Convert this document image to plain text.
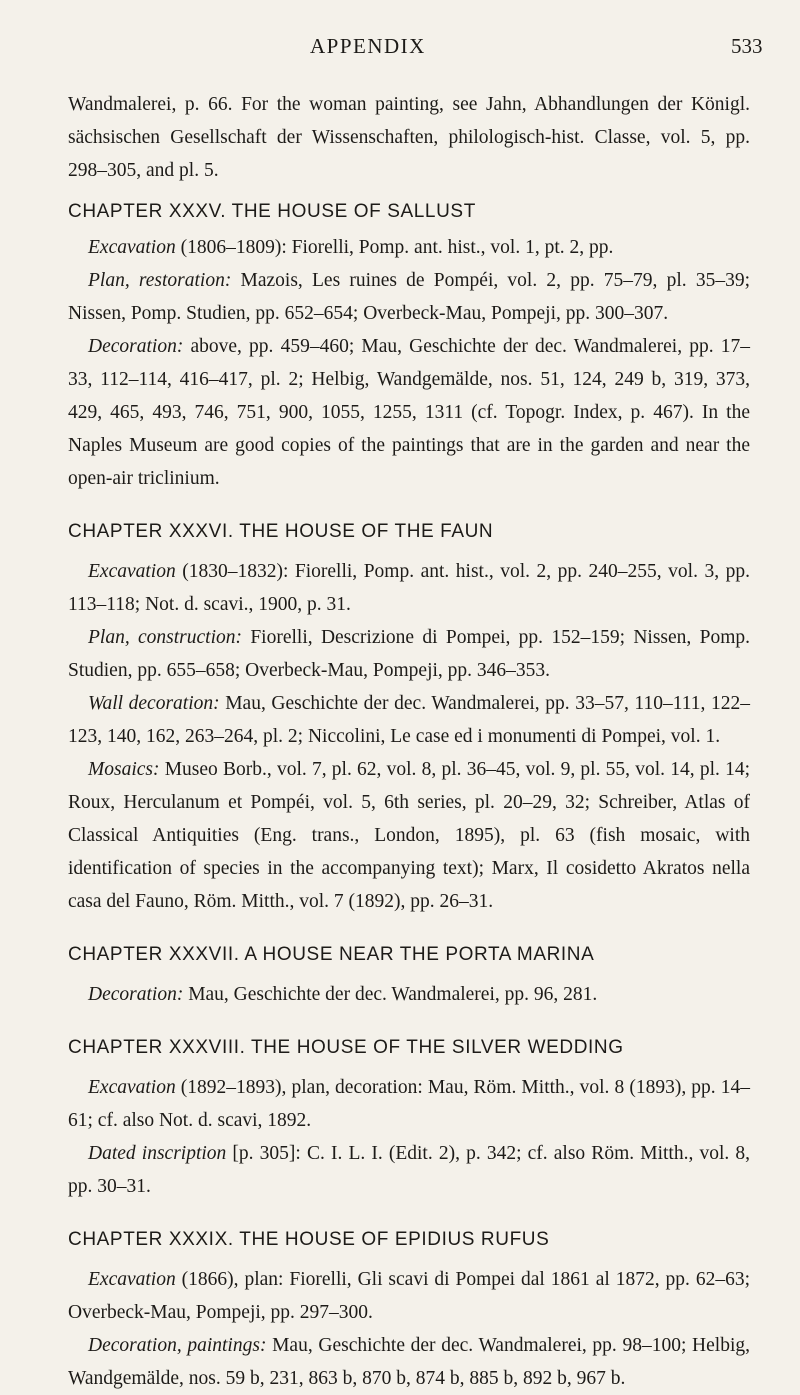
APPENDIX	533

Wandmalerei, p. 66. For the woman painting, see Jahn, Abhandlungen der Königl. sächsischen Gesellschaft der Wissenschaften, philologisch-hist. Classe, vol. 5, pp. 298–305, and pl. 5.

CHAPTER XXXV. THE HOUSE OF SALLUST

Excavation (1806–1809): Fiorelli, Pomp. ant. hist., vol. 1, pt. 2, pp.

Plan, restoration: Mazois, Les ruines de Pompéi, vol. 2, pp. 75–79, pl. 35–39; Nissen, Pomp. Studien, pp. 652–654; Overbeck-Mau, Pompeji, pp. 300–307.

Decoration: above, pp. 459–460; Mau, Geschichte der dec. Wandmalerei, pp. 17–33, 112–114, 416–417, pl. 2; Helbig, Wandgemälde, nos. 51, 124, 249 b, 319, 373, 429, 465, 493, 746, 751, 900, 1055, 1255, 1311 (cf. Topogr. Index, p. 467). In the Naples Museum are good copies of the paintings that are in the garden and near the open-air triclinium.

CHAPTER XXXVI. THE HOUSE OF THE FAUN

Excavation (1830–1832): Fiorelli, Pomp. ant. hist., vol. 2, pp. 240–255, vol. 3, pp. 113–118; Not. d. scavi., 1900, p. 31.

Plan, construction: Fiorelli, Descrizione di Pompei, pp. 152–159; Nissen, Pomp. Studien, pp. 655–658; Overbeck-Mau, Pompeji, pp. 346–353.

Wall decoration: Mau, Geschichte der dec. Wandmalerei, pp. 33–57, 110–111, 122–123, 140, 162, 263–264, pl. 2; Niccolini, Le case ed i monumenti di Pompei, vol. 1.

Mosaics: Museo Borb., vol. 7, pl. 62, vol. 8, pl. 36–45, vol. 9, pl. 55, vol. 14, pl. 14; Roux, Herculanum et Pompéi, vol. 5, 6th series, pl. 20–29, 32; Schreiber, Atlas of Classical Antiquities (Eng. trans., London, 1895), pl. 63 (fish mosaic, with identification of species in the accompanying text); Marx, Il cosidetto Akratos nella casa del Fauno, Röm. Mitth., vol. 7 (1892), pp. 26–31.

CHAPTER XXXVII. A HOUSE NEAR THE PORTA MARINA

Decoration: Mau, Geschichte der dec. Wandmalerei, pp. 96, 281.

CHAPTER XXXVIII. THE HOUSE OF THE SILVER WEDDING

Excavation (1892–1893), plan, decoration: Mau, Röm. Mitth., vol. 8 (1893), pp. 14–61; cf. also Not. d. scavi, 1892.

Dated inscription [p. 305]: C. I. L. I. (Edit. 2), p. 342; cf. also Röm. Mitth., vol. 8, pp. 30–31.

CHAPTER XXXIX. THE HOUSE OF EPIDIUS RUFUS

Excavation (1866), plan: Fiorelli, Gli scavi di Pompei dal 1861 al 1872, pp. 62–63; Overbeck-Mau, Pompeji, pp. 297–300.

Decoration, paintings: Mau, Geschichte der dec. Wandmalerei, pp. 98–100; Helbig, Wandgemälde, nos. 59 b, 231, 863 b, 870 b, 874 b, 885 b, 892 b, 967 b.
